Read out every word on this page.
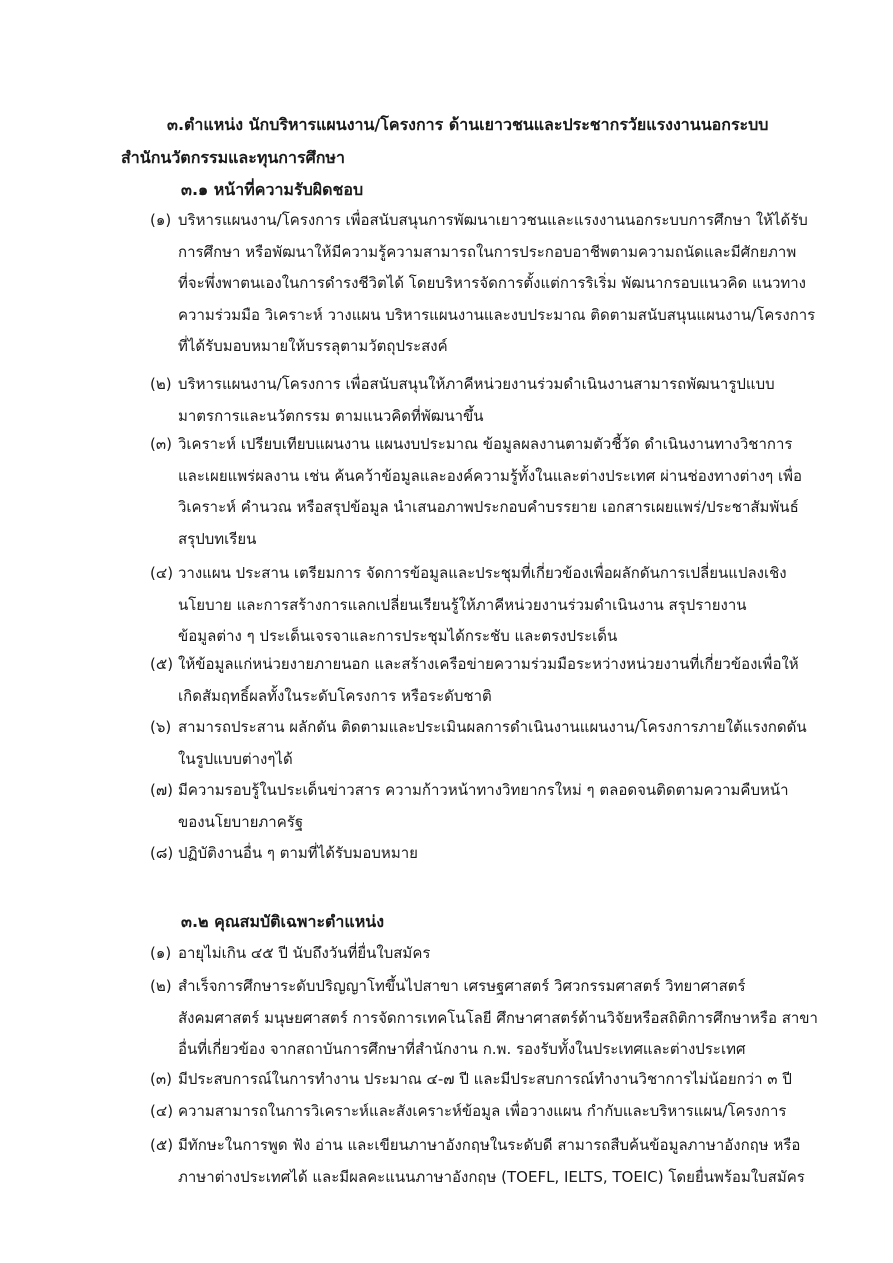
๓.ตำแหน่ง นักบริหารแผนงาน/โครงการ ด้านเยาวชนและประชากรวัยแรงงานนอกระบบ
สำนักนวัตกรรมและทุนการศึกษา
๓.๑ หน้าที่ความรับผิดชอบ
(๑) บริหารแผนงาน/โครงการ เพื่อสนับสนุนการพัฒนาเยาวชนและแรงงานนอกระบบการศึกษา ให้ได้รับ
การศึกษา หรือพัฒนาให้มีความรู้ความสามารถในการประกอบอาชีพตามความถนัดและมีศักยภาพ
ที่จะพึ่งพาตนเองในการดำรงชีวิตได้ โดยบริหารจัดการตั้งแต่การริเริ่ม พัฒนากรอบแนวคิด แนวทาง
ความร่วมมือ วิเคราะห์ วางแผน บริหารแผนงานและงบประมาณ ติดตามสนับสนุนแผนงาน/โครงการ
ที่ได้รับมอบหมายให้บรรลุตามวัตถุประสงค์
(๒) บริหารแผนงาน/โครงการ เพื่อสนับสนุนให้ภาคีหน่วยงานร่วมดำเนินงานสามารถพัฒนารูปแบบ
มาตรการและนวัตกรรม ตามแนวคิดที่พัฒนาขึ้น
(๓) วิเคราะห์ เปรียบเทียบแผนงาน แผนงบประมาณ ข้อมูลผลงานตามตัวชี้วัด ดำเนินงานทางวิชาการ
และเผยแพร่ผลงาน เช่น ค้นคว้าข้อมูลและองค์ความรู้ทั้งในและต่างประเทศ ผ่านช่องทางต่างๆ เพื่อ
วิเคราะห์ คำนวณ หรือสรุปข้อมูล นำเสนอภาพประกอบคำบรรยาย เอกสารเผยแพร่/ประชาสัมพันธ์
สรุปบทเรียน
(๔) วางแผน ประสาน เตรียมการ จัดการข้อมูลและประชุมที่เกี่ยวข้องเพื่อผลักดันการเปลี่ยนแปลงเชิง
นโยบาย และการสร้างการแลกเปลี่ยนเรียนรู้ให้ภาคีหน่วยงานร่วมดำเนินงาน สรุปรายงาน
ข้อมูลต่าง ๆ ประเด็นเจรจาและการประชุมได้กระชับ และตรงประเด็น
(๕) ให้ข้อมูลแก่หน่วยงายภายนอก และสร้างเครือข่ายความร่วมมือระหว่างหน่วยงานที่เกี่ยวข้องเพื่อให้
เกิดสัมฤทธิ์ผลทั้งในระดับโครงการ หรือระดับชาติ
(๖) สามารถประสาน ผลักดัน ติดตามและประเมินผลการดำเนินงานแผนงาน/โครงการภายใต้แรงกดดัน
ในรูปแบบต่างๆได้
(๗) มีความรอบรู้ในประเด็นข่าวสาร ความก้าวหน้าทางวิทยากรใหม่ ๆ ตลอดจนติดตามความคืบหน้า
ของนโยบายภาครัฐ
(๘) ปฏิบัติงานอื่น ๆ ตามที่ได้รับมอบหมาย
๓.๒ คุณสมบัติเฉพาะตำแหน่ง
(๑) อายุไม่เกิน ๔๕ ปี นับถึงวันที่ยื่นใบสมัคร
(๒) สำเร็จการศึกษาระดับปริญญาโทขึ้นไปสาขา เศรษฐศาสตร์ วิศวกรรมศาสตร์ วิทยาศาสตร์
สังคมศาสตร์ มนุษยศาสตร์ การจัดการเทคโนโลยี ศึกษาศาสตร์ด้านวิจัยหรือสถิติการศึกษาหรือ สาขา
อื่นที่เกี่ยวข้อง จากสถาบันการศึกษาที่สำนักงาน ก.พ. รองรับทั้งในประเทศและต่างประเทศ
(๓) มีประสบการณ์ในการทำงาน ประมาณ ๔-๗ ปี และมีประสบการณ์ทำงานวิชาการไม่น้อยกว่า ๓ ปี
(๔) ความสามารถในการวิเคราะห์และสังเคราะห์ข้อมูล เพื่อวางแผน กำกับและบริหารแผน/โครงการ
(๕) มีทักษะในการพูด ฟัง อ่าน และเขียนภาษาอังกฤษในระดับดี สามารถสืบค้นข้อมูลภาษาอังกฤษ หรือ
ภาษาต่างประเทศได้ และมีผลคะแนนภาษาอังกฤษ (TOEFL, IELTS, TOEIC) โดยยื่นพร้อมใบสมัคร
